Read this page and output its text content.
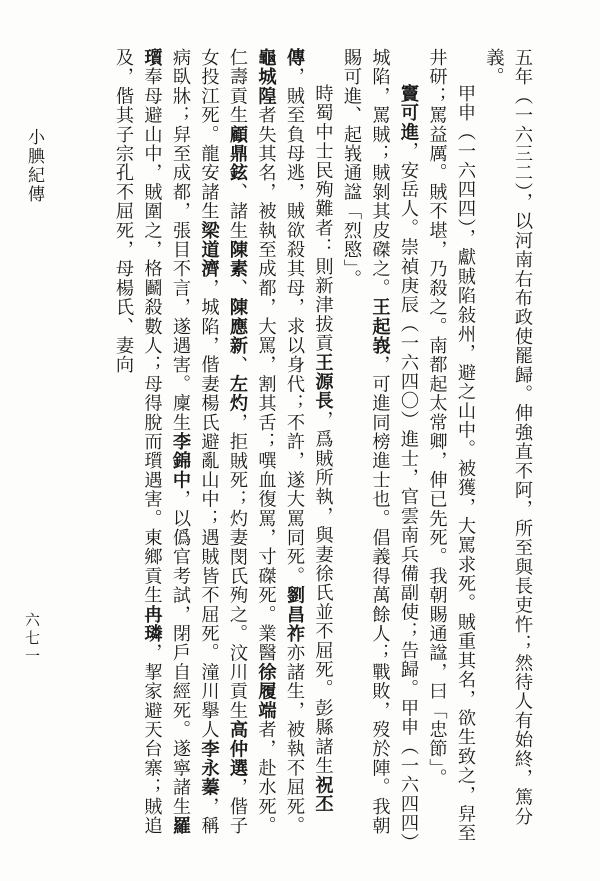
小腆紀傳	五年（一六三二），以河南右布政使罷歸。伸強直不阿，所至與長吏忤；然待人有始終，篤分義。

甲申（一六四四），獻賊陷敍州，避之山中。被獲，大罵求死。賊重其名，欲生致之，舁至井研；罵益厲。賊不堪，乃殺之。南都起太常卿，伸已先死。我朝賜通諡，曰「忠節」。

竇可進，安岳人。崇禎庚辰（一六四〇）進士，官雲南兵備副使；告歸。甲申（一六四四）城陷，罵賊；賊剝其皮磔之。王起峩，可進同榜進士也。倡義得萬餘人；戰敗，歿於陣。我朝賜可進、起峩通諡「烈愍」。

時蜀中士民殉難者：則新津拔貢王源長，爲賊所執，與妻徐氏並不屈死。彭縣諸生祝丕傳，賊至負母逃，賊欲殺其母，求以身代；不許，遂大罵同死。劉昌祚亦諸生，被執不屈死。龜城隍者失其名，被執至成都，大罵，割其舌；噀血復罵，寸磔死。業醫徐履端者，赴水死。仁壽貢生顧鼎鉉、諸生陳素、陳應新、左灼，拒賊死；灼妻閔氏殉之。汶川貢生高仲選，偕子女投江死。龍安諸生梁道濟，城陷，偕妻楊氏避亂山中；遇賊皆不屈死。潼川擧人李永蓁，稱病臥牀；舁至成都，張目不言，遂遇害。廩生李錦中，以僞官考試，閉戶自經死。遂寧諸生羅瓆奉母避山中，賊圍之，格鬬殺數人；母得脫而瓆遇害。東鄉貢生冉璘，挈家避天台寨；賊追及，偕其子宗孔不屈死，母楊氏、妻向

六七一
